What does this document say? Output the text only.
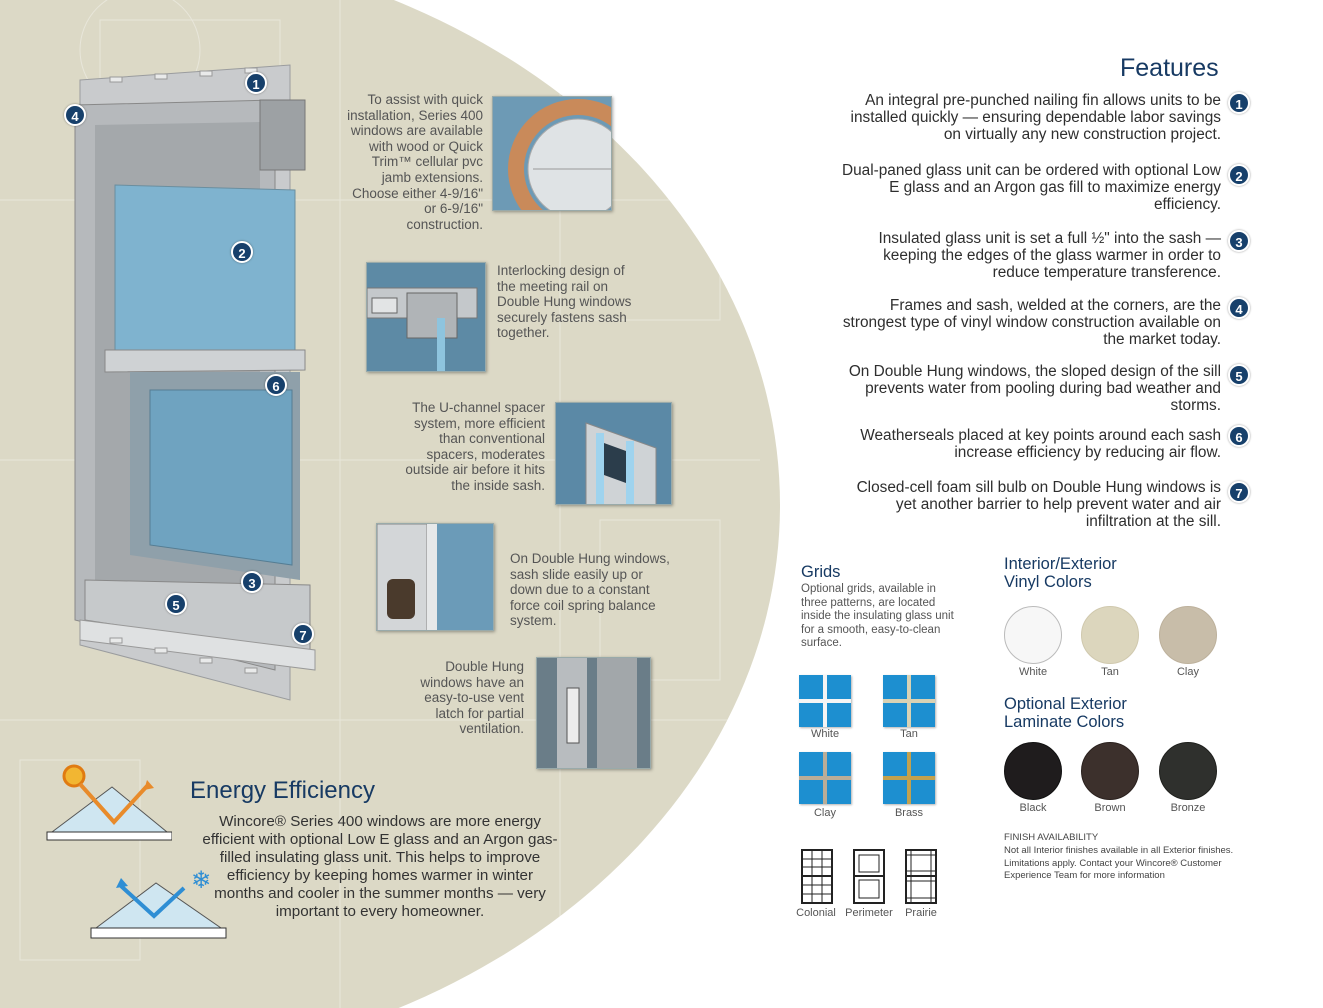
1
4
2
6
3
5
7
To assist with quick installation, Series 400 windows are available with wood or Quick Trim™ cellular pvc jamb extensions. Choose either 4-9/16" or 6-9/16" construction.
Interlocking design of the meeting rail on Double Hung windows securely fastens sash together.
The U-channel spacer system, more efficient than conventional spacers, moderates outside air before it hits the inside sash.
On Double Hung windows, sash slide easily up or down due to a constant force coil spring balance system.
Double Hung windows have an easy-to-use vent latch for partial ventilation.
❄
Energy Efficiency
Wincore® Series 400 windows are more energy efficient with optional Low E glass and an Argon gas-filled insulating glass unit. This helps to improve efficiency by keeping homes warmer in winter months and cooler in the summer months — very important to every homeowner.
Features
An integral pre-punched nailing fin allows units to be installed quickly — ensuring dependable labor savings on virtually any new construction project.
1
Dual-paned glass unit can be ordered with optional Low E glass and an Argon gas fill to maximize energy efficiency.
2
Insulated glass unit is set a full ½" into the sash — keeping the edges of the glass warmer in order to reduce temperature transference.
3
Frames and sash, welded at the corners, are the strongest type of vinyl window construction available on the market today.
4
On Double Hung windows, the sloped design of the sill prevents water from pooling during bad weather and storms.
5
Weatherseals placed at key points around each sash increase efficiency by reducing air flow.
6
Closed-cell foam sill bulb on Double Hung windows is yet another barrier to help prevent water and air infiltration at the sill.
7
Grids
Optional grids, available in three patterns, are located inside the insulating glass unit for a smooth, easy-to-clean surface.
White	Tan
Clay	Brass
Colonial Perimeter	Prairie
Interior/Exterior
Vinyl Colors
White	Tan	Clay
Optional Exterior
Laminate Colors
Black	Brown	Bronze
FINISH AVAILABILITY
Not all Interior finishes available in all Exterior finishes. Limitations apply. Contact your Wincore® Customer Experience Team for more information
